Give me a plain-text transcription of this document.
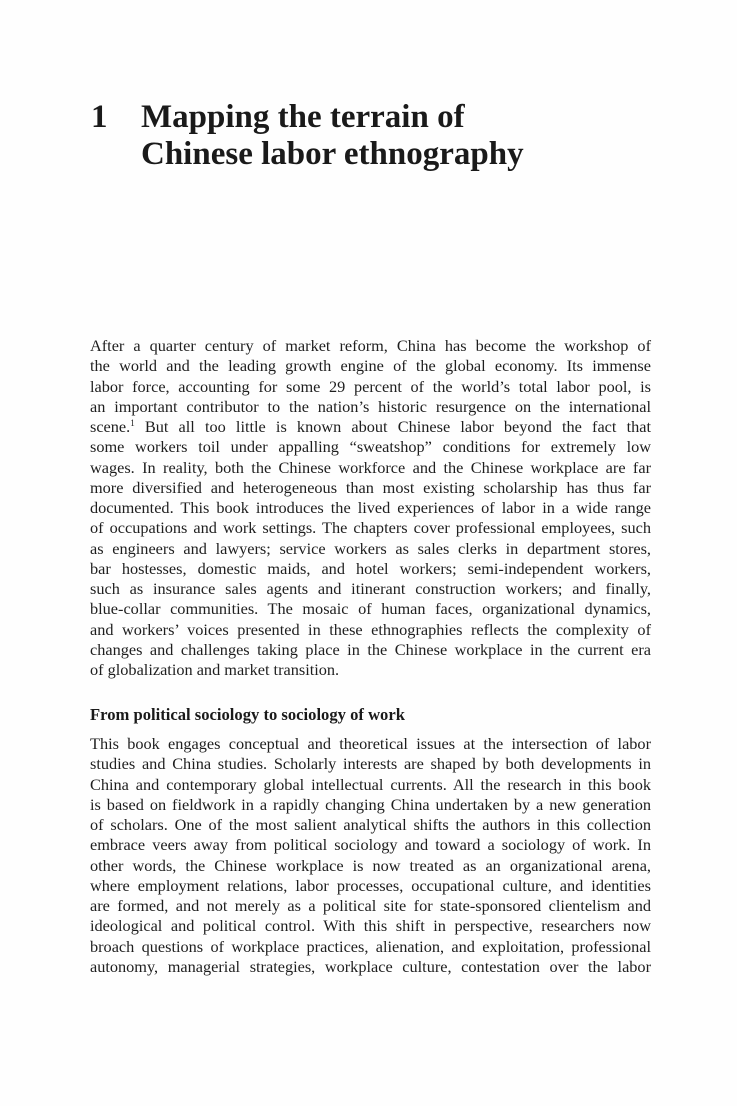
1 Mapping the terrain of
Chinese labor ethnography
After a quarter century of market reform, China has become the workshop of
the world and the leading growth engine of the global economy. Its immense
labor force, accounting for some 29 percent of the world’s total labor pool, is
an important contributor to the nation’s historic resurgence on the international
scene.$^1$ But all too little is known about Chinese labor beyond the fact that
some workers toil under appalling “sweatshop” conditions for extremely low
wages. In reality, both the Chinese workforce and the Chinese workplace are far
more diversified and heterogeneous than most existing scholarship has thus far
documented. This book introduces the lived experiences of labor in a wide range
of occupations and work settings. The chapters cover professional employees, such
as engineers and lawyers; service workers as sales clerks in department stores,
bar hostesses, domestic maids, and hotel workers; semi-independent workers,
such as insurance sales agents and itinerant construction workers; and finally,
blue-collar communities. The mosaic of human faces, organizational dynamics,
and workers’ voices presented in these ethnographies reflects the complexity of
changes and challenges taking place in the Chinese workplace in the current era
of globalization and market transition.
From political sociology to sociology of work
This book engages conceptual and theoretical issues at the intersection of labor
studies and China studies. Scholarly interests are shaped by both developments in
China and contemporary global intellectual currents. All the research in this book
is based on fieldwork in a rapidly changing China undertaken by a new generation
of scholars. One of the most salient analytical shifts the authors in this collection
embrace veers away from political sociology and toward a sociology of work. In
other words, the Chinese workplace is now treated as an organizational arena,
where employment relations, labor processes, occupational culture, and identities
are formed, and not merely as a political site for state-sponsored clientelism and
ideological and political control. With this shift in perspective, researchers now
broach questions of workplace practices, alienation, and exploitation, professional
autonomy, managerial strategies, workplace culture, contestation over the labor
